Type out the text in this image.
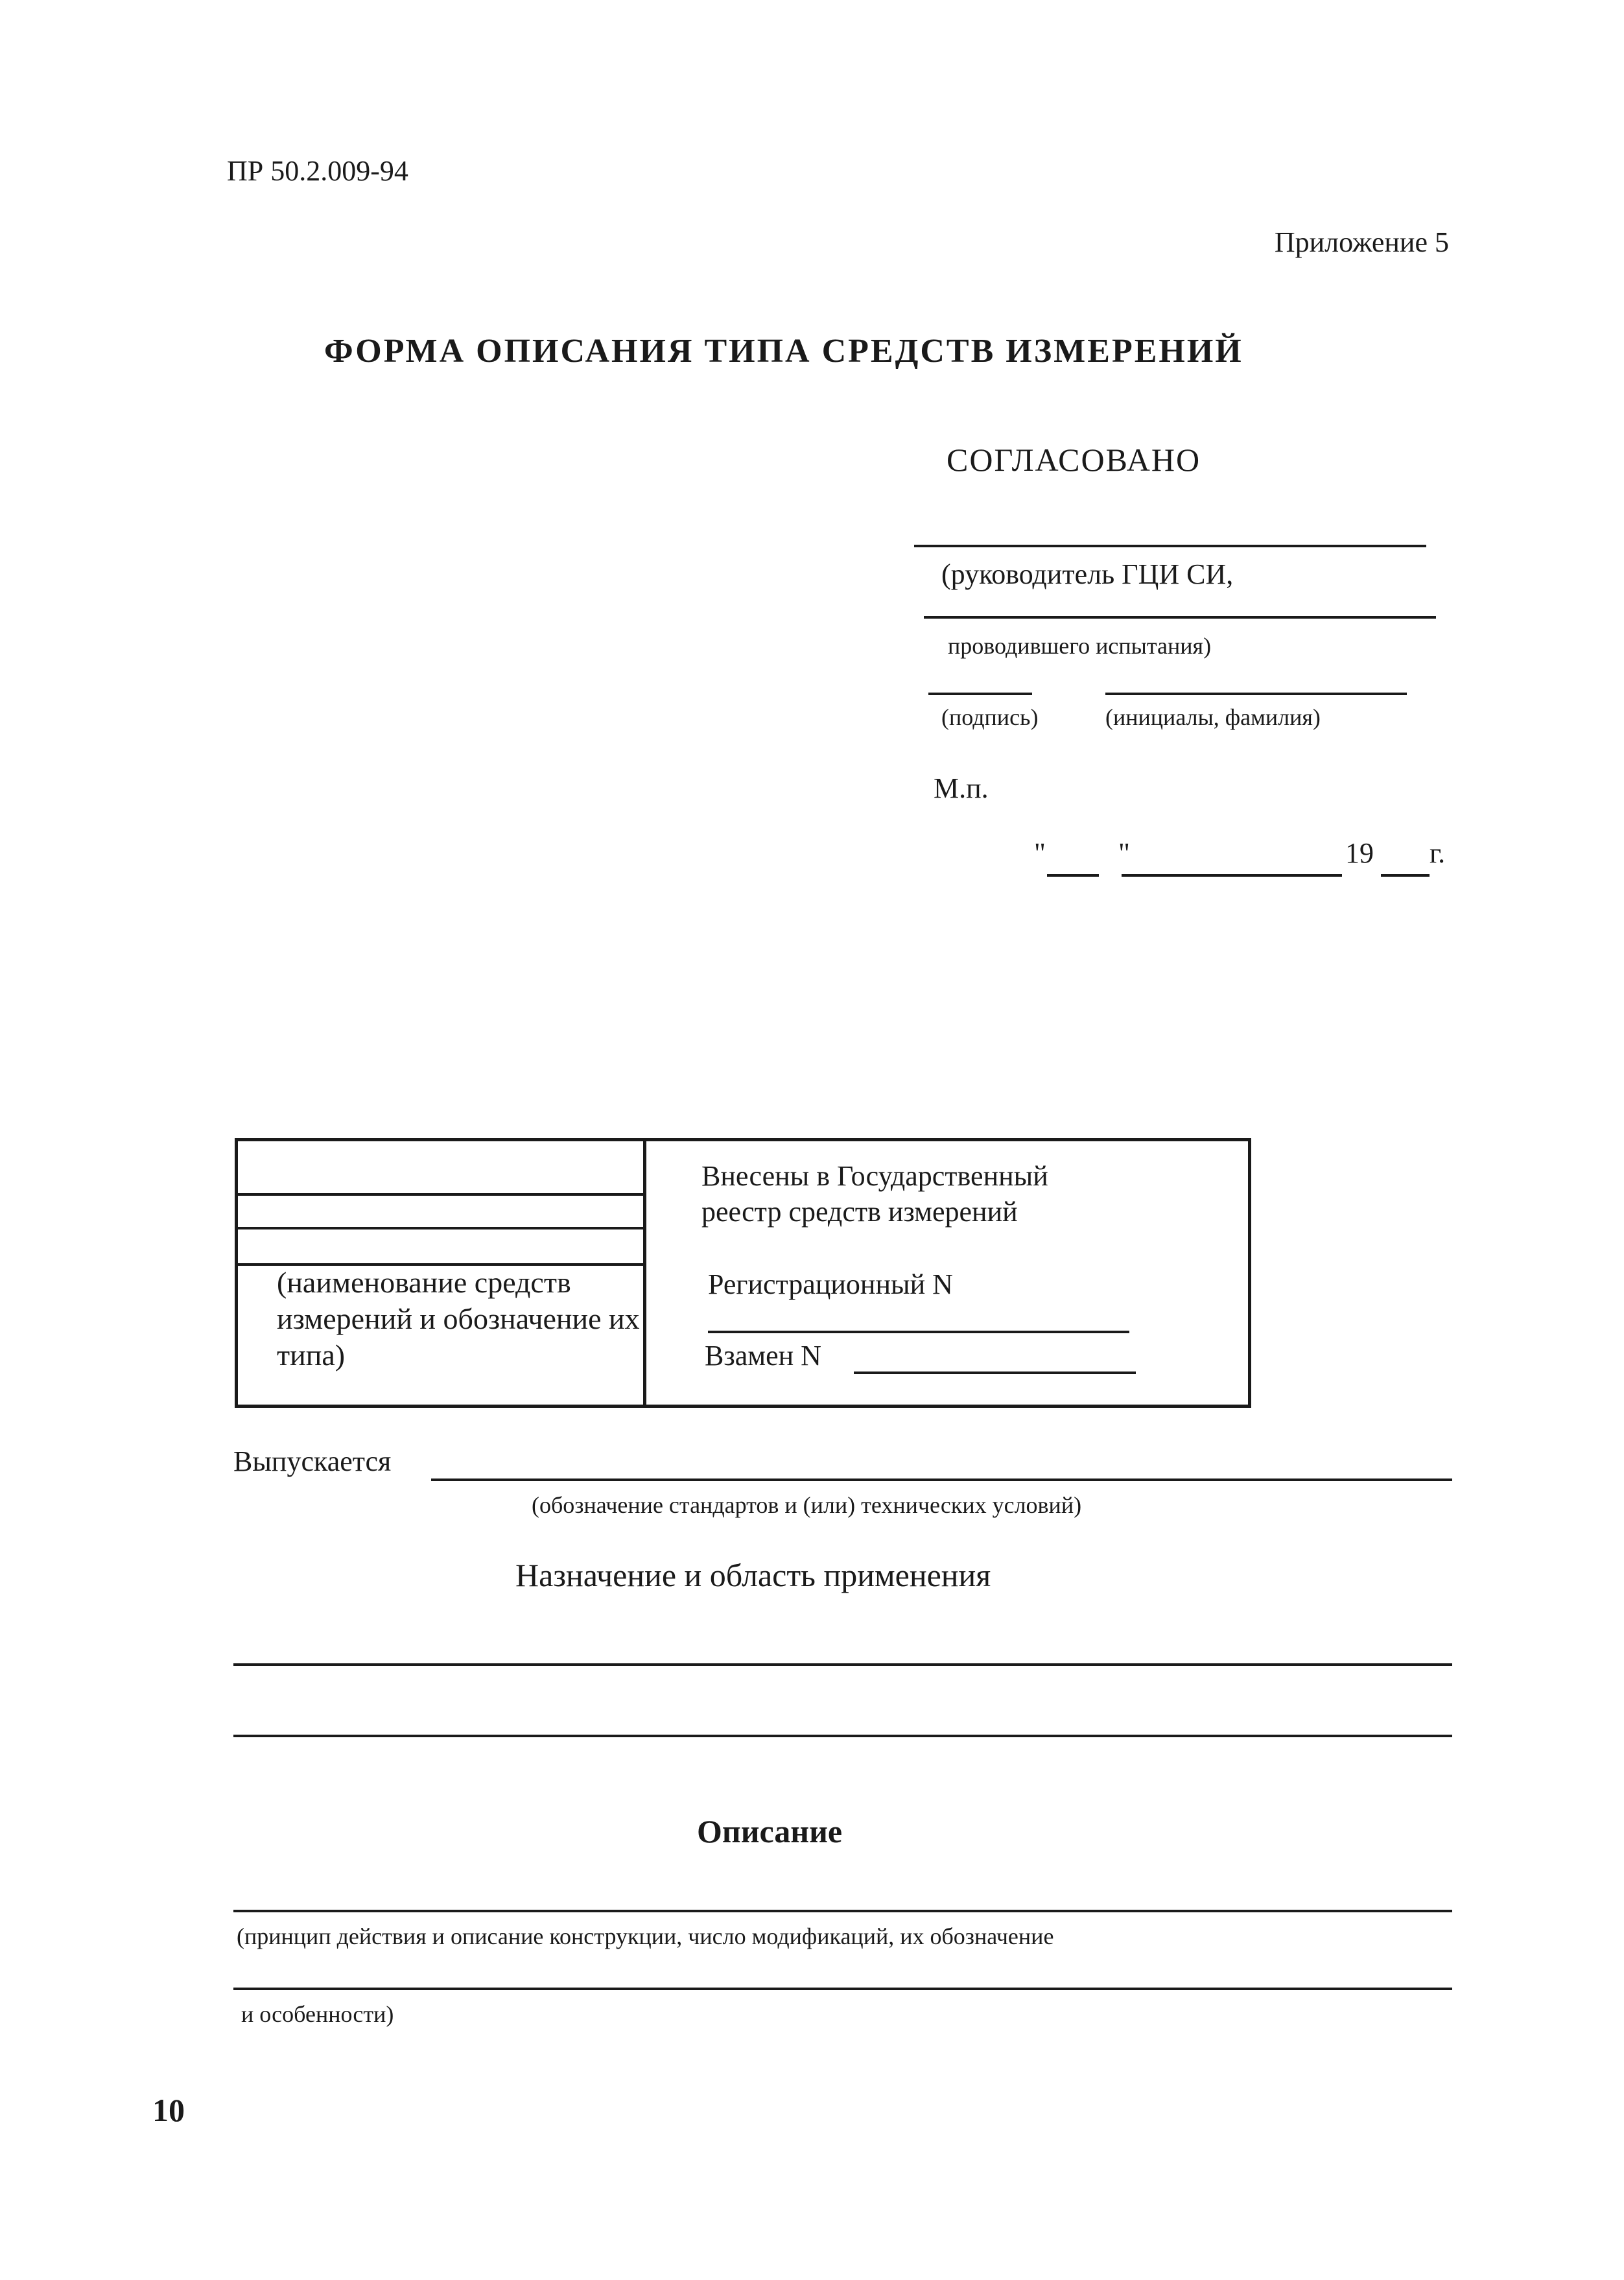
ПР 50.2.009-94
Приложение 5
ФОРМА ОПИСАНИЯ ТИПА СРЕДСТВ ИЗМЕРЕНИЙ
СОГЛАСОВАНО
(руководитель ГЦИ СИ,
проводившего испытания)
(подпись)	(инициалы, фамилия)
М.п.
"	"	19 г.
(наименование средств измерений и обозначение их типа)
Внесены в Государственный
реестр средств измерений
Регистрационный N
Взамен N
Выпускается
(обозначение стандартов и (или) технических условий)
Назначение и область применения
Описание
(принцип действия и описание конструкции, число модификаций, их обозначение
и особенности)
10
